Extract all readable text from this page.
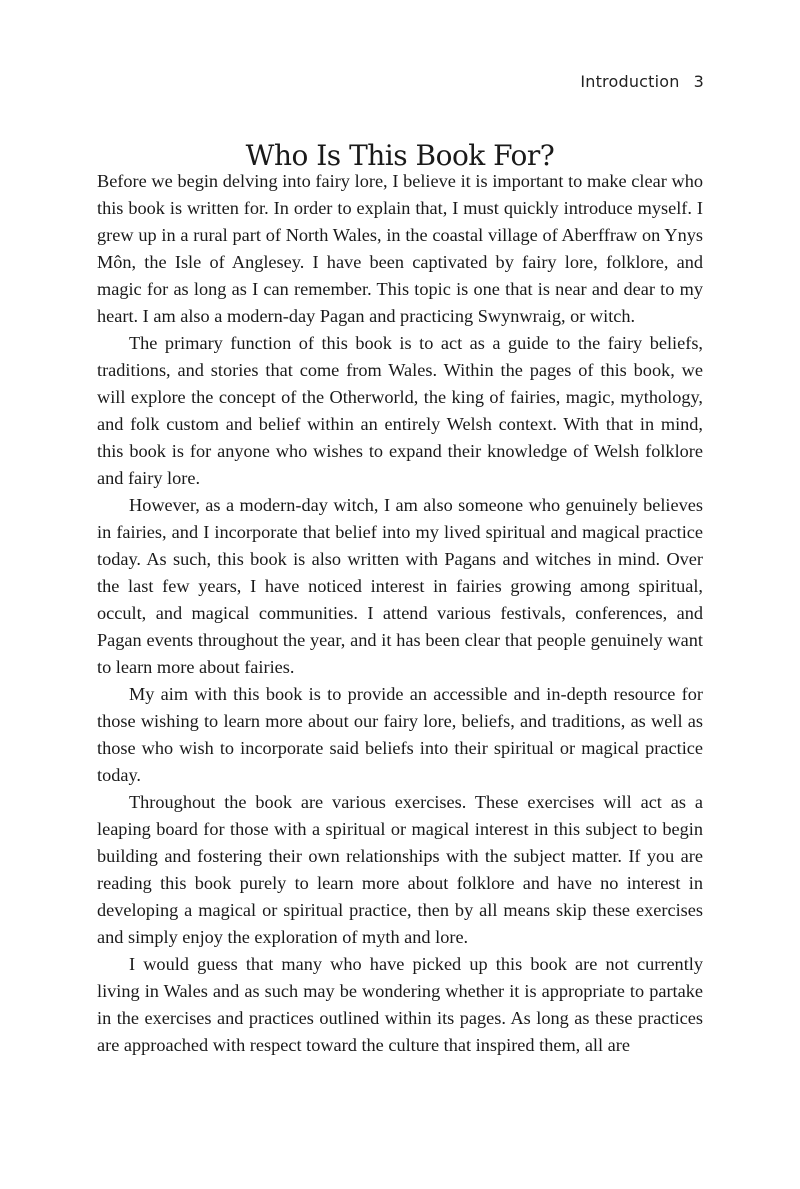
Introduction 3
Who Is This Book For?

Before we begin delving into fairy lore, I believe it is important to make clear who this book is written for. In order to explain that, I must quickly introduce myself. I grew up in a rural part of North Wales, in the coastal village of Aberffraw on Ynys Môn, the Isle of Anglesey. I have been captivated by fairy lore, folklore, and magic for as long as I can remember. This topic is one that is near and dear to my heart. I am also a modern-day Pagan and practicing Swynwraig, or witch.

The primary function of this book is to act as a guide to the fairy beliefs, traditions, and stories that come from Wales. Within the pages of this book, we will explore the concept of the Otherworld, the king of fairies, magic, mythology, and folk custom and belief within an entirely Welsh context. With that in mind, this book is for anyone who wishes to expand their knowledge of Welsh folklore and fairy lore.

However, as a modern-day witch, I am also someone who genuinely believes in fairies, and I incorporate that belief into my lived spiritual and magical practice today. As such, this book is also written with Pagans and witches in mind. Over the last few years, I have noticed interest in fairies growing among spiritual, occult, and magical communities. I attend various festivals, conferences, and Pagan events throughout the year, and it has been clear that people genuinely want to learn more about fairies.

My aim with this book is to provide an accessible and in-depth resource for those wishing to learn more about our fairy lore, beliefs, and traditions, as well as those who wish to incorporate said beliefs into their spiritual or magical practice today.

Throughout the book are various exercises. These exercises will act as a leaping board for those with a spiritual or magical interest in this subject to begin building and fostering their own relationships with the subject matter. If you are reading this book purely to learn more about folklore and have no interest in developing a magical or spiritual practice, then by all means skip these exercises and simply enjoy the exploration of myth and lore.

I would guess that many who have picked up this book are not currently living in Wales and as such may be wondering whether it is appropriate to partake in the exercises and practices outlined within its pages. As long as these practices are approached with respect toward the culture that inspired them, all are
